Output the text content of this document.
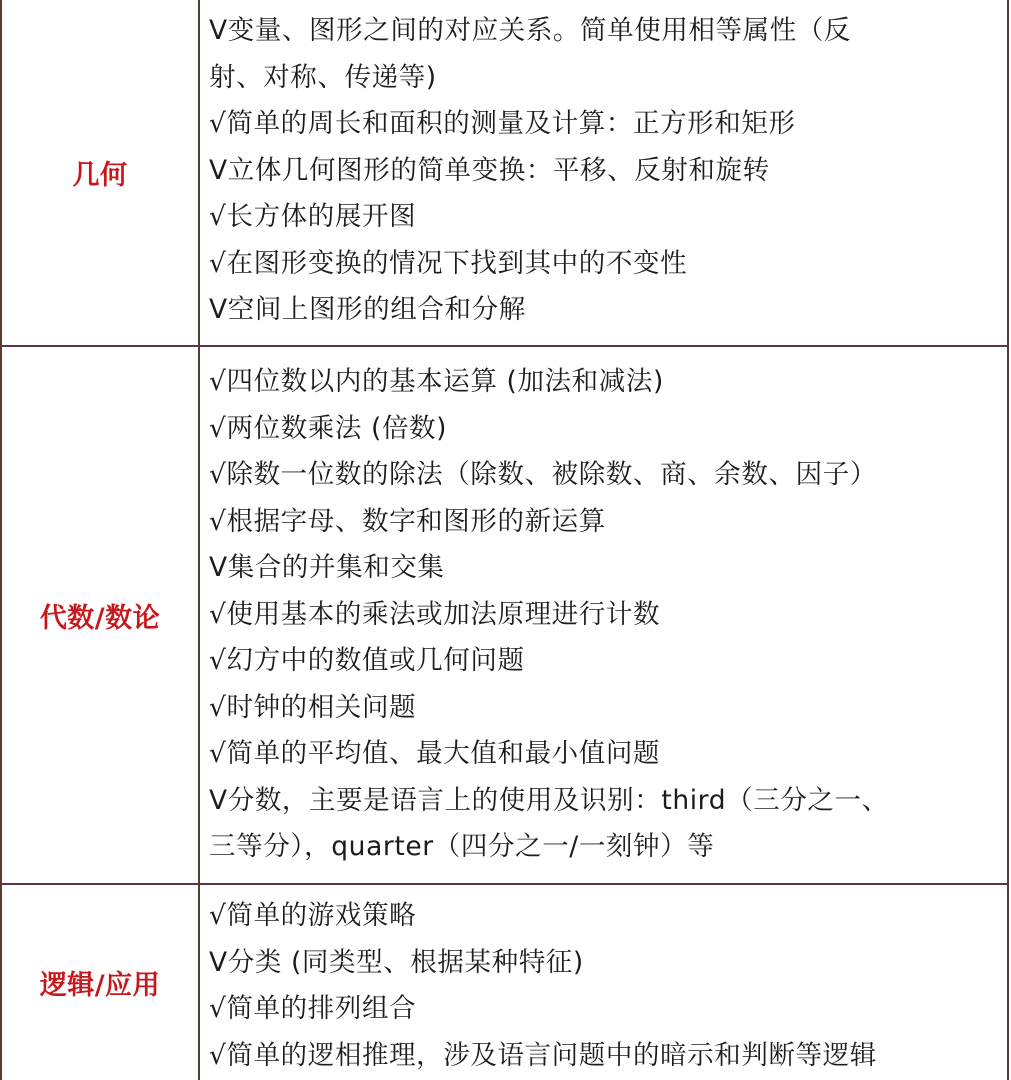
几何
V变量、图形之间的对应关系。简单使用相等属性（反
射、对称、传递等)
√简单的周长和面积的测量及计算：正方形和矩形
V立体几何图形的简单变换：平移、反射和旋转
√长方体的展开图
√在图形变换的情况下找到其中的不变性
V空间上图形的组合和分解
代数/数论
√四位数以内的基本运算 (加法和减法)
√两位数乘法 (倍数)
√除数一位数的除法（除数、被除数、商、余数、因子）
√根据字母、数字和图形的新运算
V集合的并集和交集
√使用基本的乘法或加法原理进行计数
√幻方中的数值或几何问题
√时钟的相关问题
√简单的平均值、最大值和最小值问题
V分数，主要是语言上的使用及识别：third（三分之一、
三等分），quarter（四分之一/一刻钟）等
逻辑/应用
√简单的游戏策略
V分类 (同类型、根据某种特征)
√简单的排列组合
√简单的逻相推理，涉及语言问题中的暗示和判断等逻辑
